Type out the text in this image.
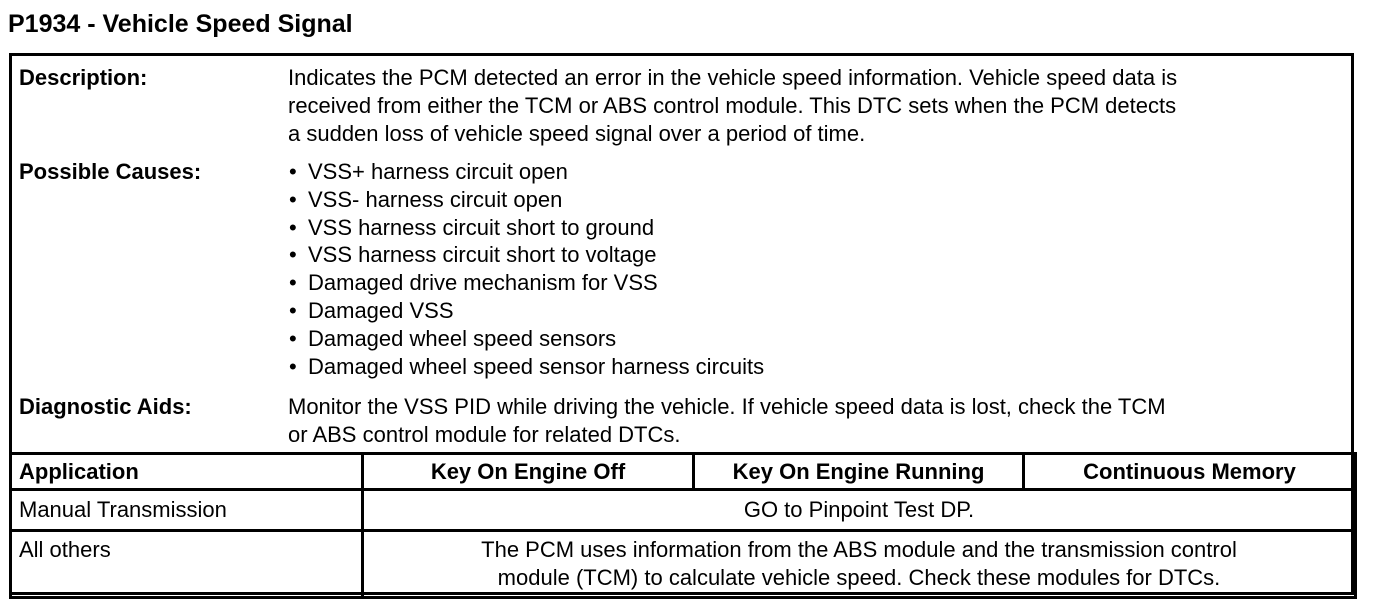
P1934 - Vehicle Speed Signal
Description:	Indicates the PCM detected an error in the vehicle speed information. Vehicle speed data is
received from either the TCM or ABS control module. This DTC sets when the PCM detects
a sudden loss of vehicle speed signal over a period of time.
Possible Causes:	• VSS+ harness circuit open
• VSS- harness circuit open
• VSS harness circuit short to ground
• VSS harness circuit short to voltage
• Damaged drive mechanism for VSS
• Damaged VSS
• Damaged wheel speed sensors
• Damaged wheel speed sensor harness circuits
Diagnostic Aids:	Monitor the VSS PID while driving the vehicle. If vehicle speed data is lost, check the TCM
or ABS control module for related DTCs.
Application	Key On Engine Off	Key On Engine Running	Continuous Memory
Manual Transmission	GO to Pinpoint Test DP.		

All others	The PCM uses information from the ABS module and the transmission control
module (TCM) to calculate vehicle speed. Check these modules for DTCs.		
